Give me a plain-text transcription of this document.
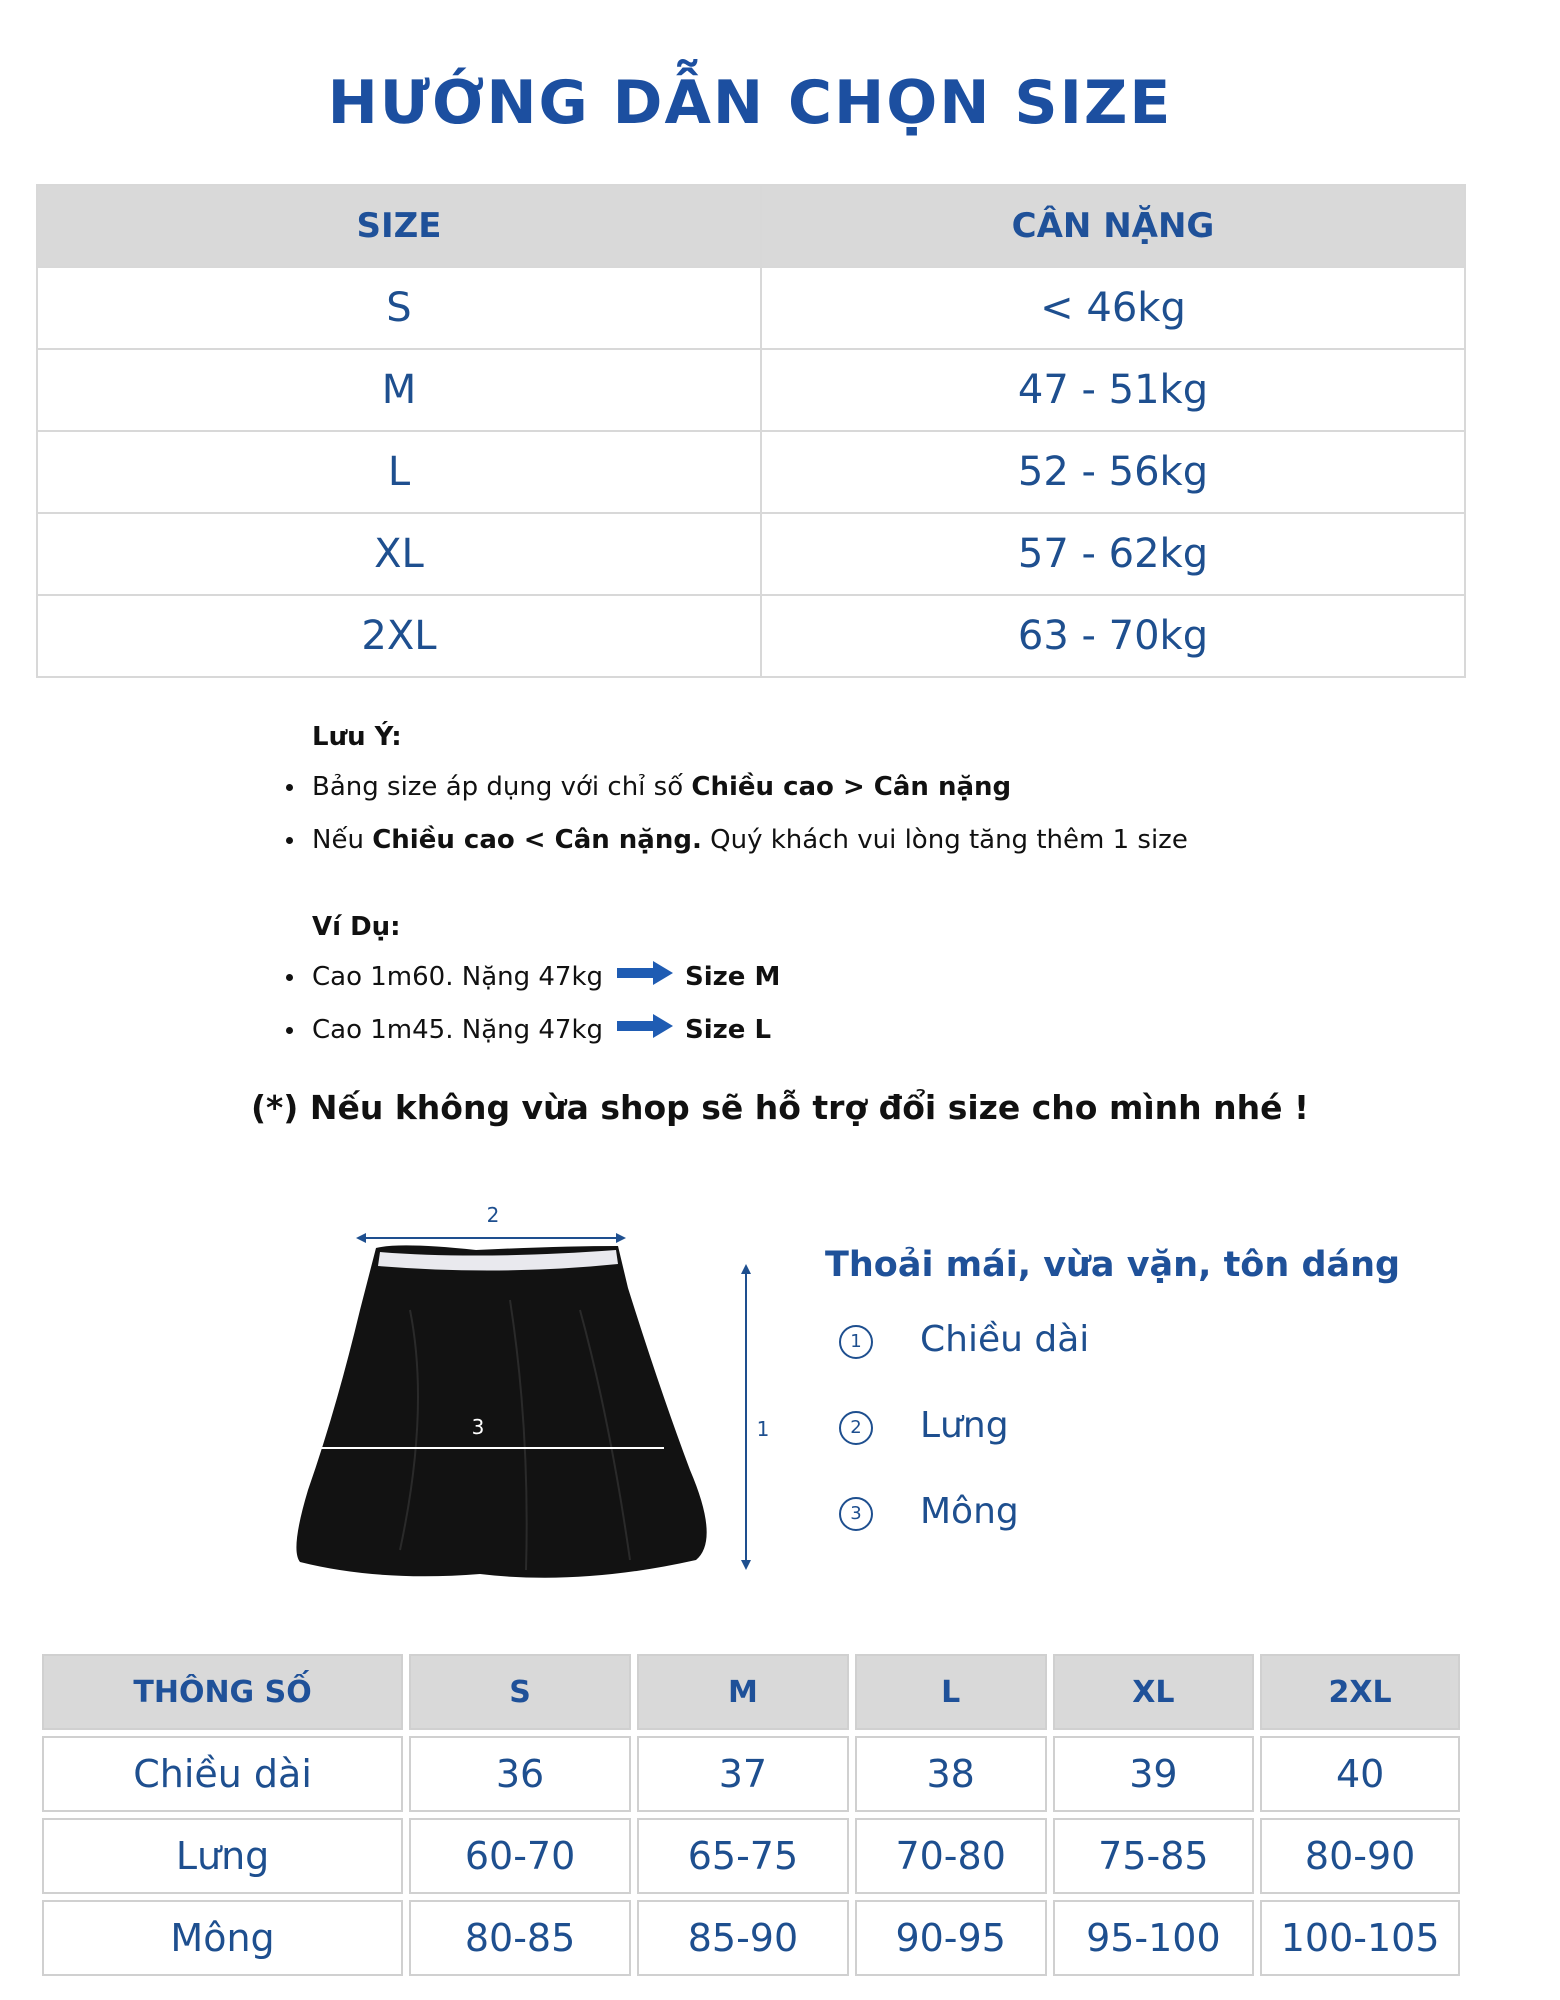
HƯỚNG DẪN CHỌN SIZE
SIZE	CÂN NẶNG
S	< 46kg
M	47 - 51kg
L	52 - 56kg
XL	57 - 62kg
2XL	63 - 70kg
Lưu Ý:
Bảng size áp dụng với chỉ số Chiều cao > Cân nặng
Nếu Chiều cao < Cân nặng. Quý khách vui lòng tăng thêm 1 size
Ví Dụ:
Cao 1m60. Nặng 47kg	Size M
Cao 1m45. Nặng 47kg	Size L
(*) Nếu không vừa shop sẽ hỗ trợ đổi size cho mình nhé !
2
3	1
Thoải mái, vừa vặn, tôn dáng
1	Chiều dài
2	Lưng
3	Mông
THÔNG SỐ	S	M	L	XL	2XL
Chiều dài	36	37	38	39	40
Lưng	60-70	65-75	70-80	75-85	80-90
Mông	80-85	85-90	90-95	95-100	100-105
